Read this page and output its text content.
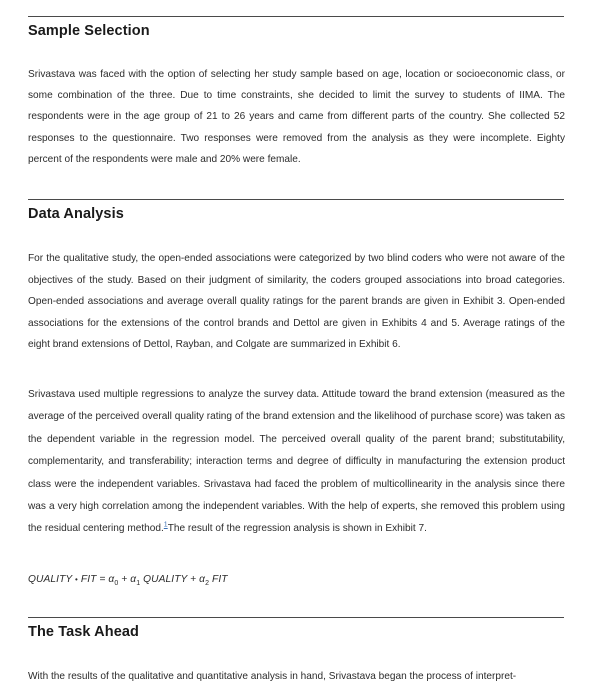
Sample Selection

Srivastava was faced with the option of selecting her study sample based on age, location or socioeconomic class, or some combination of the three. Due to time constraints, she decided to limit the survey to students of IIMA. The respondents were in the age group of 21 to 26 years and came from different parts of the country. She collected 52 responses to the questionnaire. Two responses were removed from the analysis as they were incomplete. Eighty percent of the respondents were male and 20% were female.

Data Analysis

For the qualitative study, the open-ended associations were categorized by two blind coders who were not aware of the objectives of the study. Based on their judgment of similarity, the coders grouped associations into broad categories. Open-ended associations and average overall quality ratings for the parent brands are given in Exhibit 3. Open-ended associations for the extensions of the control brands and Dettol are given in Exhibits 4 and 5. Average ratings of the eight brand extensions of Dettol, Rayban, and Colgate are summarized in Exhibit 6.

Srivastava used multiple regressions to analyze the survey data. Attitude toward the brand extension (measured as the average of the perceived overall quality rating of the brand extension and the likelihood of purchase score) was taken as the dependent variable in the regression model. The perceived overall quality of the parent brand; substitutability, complementarity, and transferability; interaction terms and degree of difficulty in manufacturing the extension product class were the independent variables. Srivastava had faced the problem of multicollinearity in the analysis since there was a very high correlation among the independent variables. With the help of experts, she removed this problem using the residual centering method.$^1$The result of the regression analysis is shown in Exhibit 7.

QUALITY • FIT = $\alpha_0 + \alpha_1$ QUALITY + $\alpha_2$ FIT

The Task Ahead

With the results of the qualitative and quantitative analysis in hand, Srivastava began the process of interpret-
